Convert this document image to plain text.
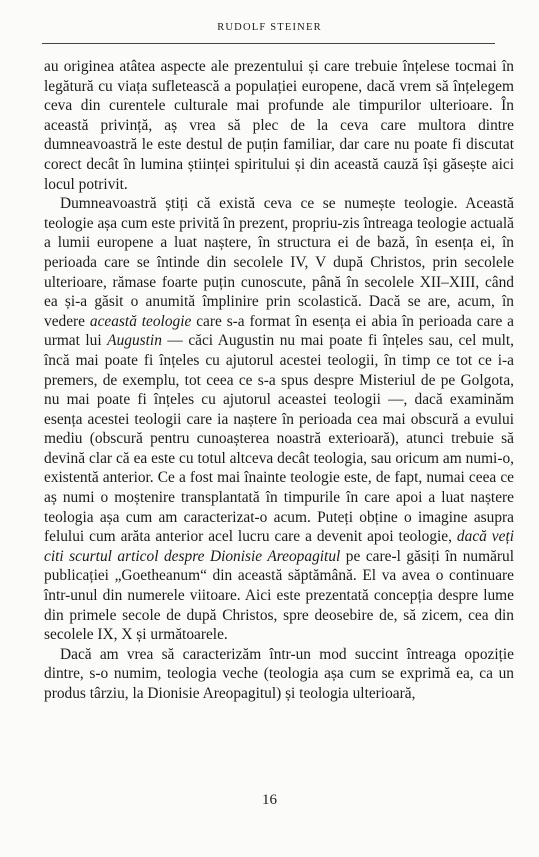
RUDOLF STEINER

au originea atâtea aspecte ale prezentului și care trebuie înțelese tocmai în legătură cu viața sufletească a populației europene, dacă vrem să înțelegem ceva din curentele culturale mai profunde ale timpurilor ulterioare. În această privință, aș vrea să plec de la ceva care multora dintre dumneavoastră le este destul de puțin familiar, dar care nu poate fi discutat corect decât în lumina științei spiritului și din această cauză își găsește aici locul potrivit.

Dumneavoastră știți că există ceva ce se numește teologie. Această teologie așa cum este privită în prezent, propriu-zis întreaga teologie actuală a lumii europene a luat naștere, în structura ei de bază, în esența ei, în perioada care se întinde din secolele IV, V după Christos, prin secolele ulterioare, rămase foarte puțin cunoscute, până în secolele XII–XIII, când ea și-a găsit o anumită împlinire prin scolastică. Dacă se are, acum, în vedere această teologie care s-a format în esența ei abia în perioada care a urmat lui Augustin — căci Augustin nu mai poate fi înțeles sau, cel mult, încă mai poate fi înțeles cu ajutorul acestei teologii, în timp ce tot ce i-a premers, de exemplu, tot ceea ce s-a spus despre Misteriul de pe Golgota, nu mai poate fi înțeles cu ajutorul aceastei teologii —, dacă examinăm esența acestei teologii care ia naștere în perioada cea mai obscură a evului mediu (obscură pentru cunoașterea noastră exterioară), atunci trebuie să devină clar că ea este cu totul altceva decât teologia, sau oricum am numi-o, existentă anterior. Ce a fost mai înainte teologie este, de fapt, numai ceea ce aș numi o moștenire transplantată în timpurile în care apoi a luat naștere teologia așa cum am caracterizat-o acum. Puteți obține o imagine asupra felului cum arăta anterior acel lucru care a devenit apoi teologie, dacă veți citi scurtul articol despre Dionisie Areopagitul pe care-l găsiți în numărul publicației „Goetheanum“ din această săptămână. El va avea o continuare într-unul din numerele viitoare. Aici este prezentată concepția despre lume din primele secole de după Christos, spre deosebire de, să zicem, cea din secolele IX, X și următoarele.

Dacă am vrea să caracterizăm într-un mod succint întreaga opoziție dintre, s-o numim, teologia veche (teologia așa cum se exprimă ea, ca un produs târziu, la Dionisie Areopagitul) și teologia ulterioară,

16
